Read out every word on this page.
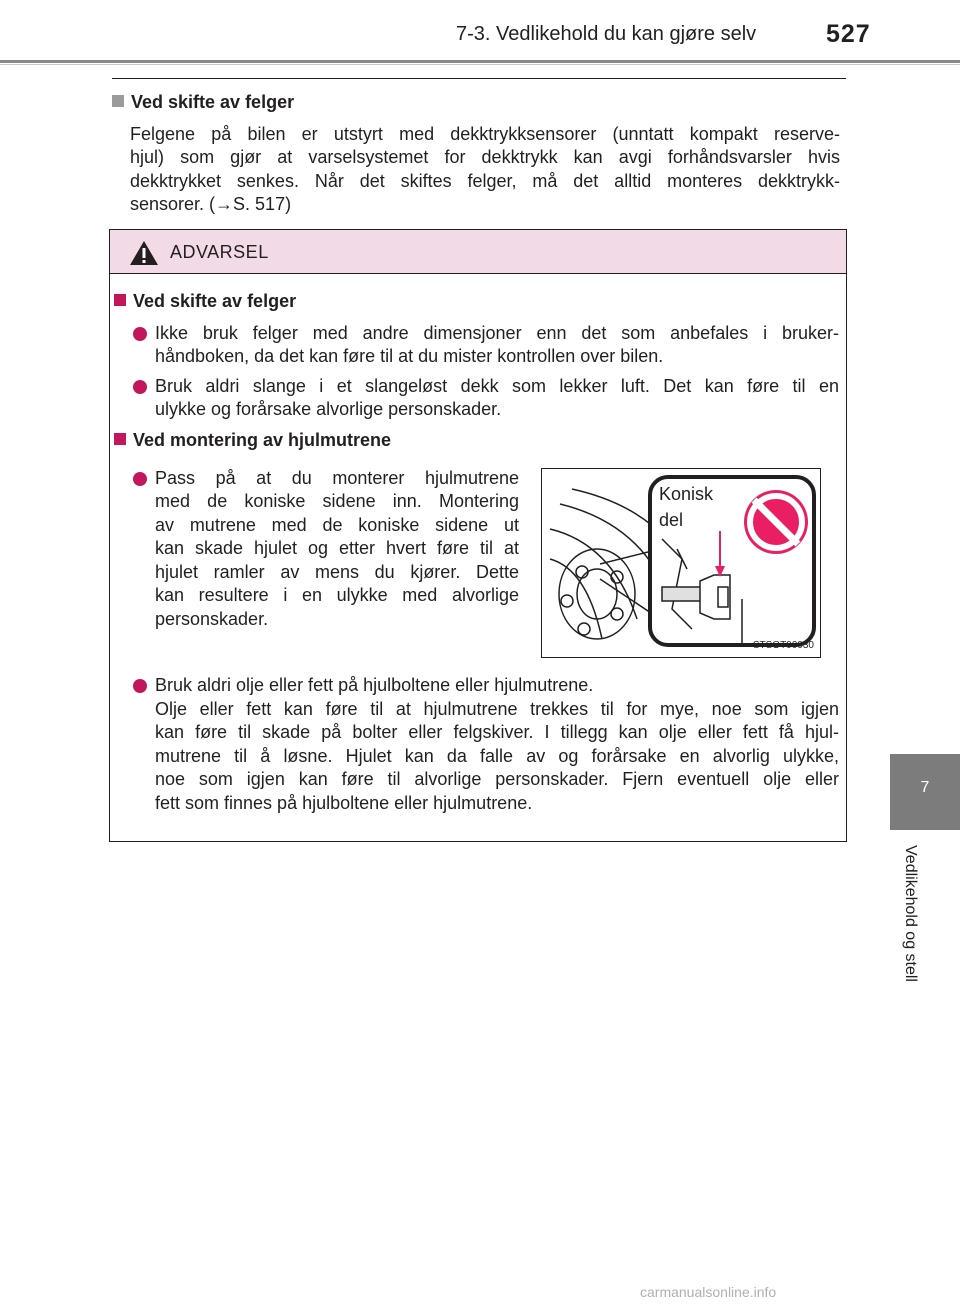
7-3. Vedlikehold du kan gjøre selv	527
Ved skifte av felger
Felgene på bilen er utstyrt med dekktrykksensorer (unntatt kompakt reserve-
hjul) som gjør at varselsystemet for dekktrykk kan avgi forhåndsvarsler hvis
dekktrykket senkes. Når det skiftes felger, må det alltid monteres dekktrykk-
sensorer. (→S. 517)
ADVARSEL
Ved skifte av felger
Ikke bruk felger med andre dimensjoner enn det som anbefales i bruker-
håndboken, da det kan føre til at du mister kontrollen over bilen.
Bruk aldri slange i et slangeløst dekk som lekker luft. Det kan føre til en
ulykke og forårsake alvorlige personskader.
Ved montering av hjulmutrene
Pass på at du monterer hjulmutrene
med de koniske sidene inn. Montering
av mutrene med de koniske sidene ut
kan skade hjulet og etter hvert føre til at
hjulet ramler av mens du kjører. Dette
kan resultere i en ulykke med alvorlige
personskader.
Konisk
del
STSOT00030
Bruk aldri olje eller fett på hjulboltene eller hjulmutrene.
Olje eller fett kan føre til at hjulmutrene trekkes til for mye, noe som igjen
kan føre til skade på bolter eller felgskiver. I tillegg kan olje eller fett få hjul-
mutrene til å løsne. Hjulet kan da falle av og forårsake en alvorlig ulykke,
noe som igjen kan føre til alvorlige personskader. Fjern eventuell olje eller
fett som finnes på hjulboltene eller hjulmutrene.
7
Vedlikehold og stell
carmanualsonline.info
